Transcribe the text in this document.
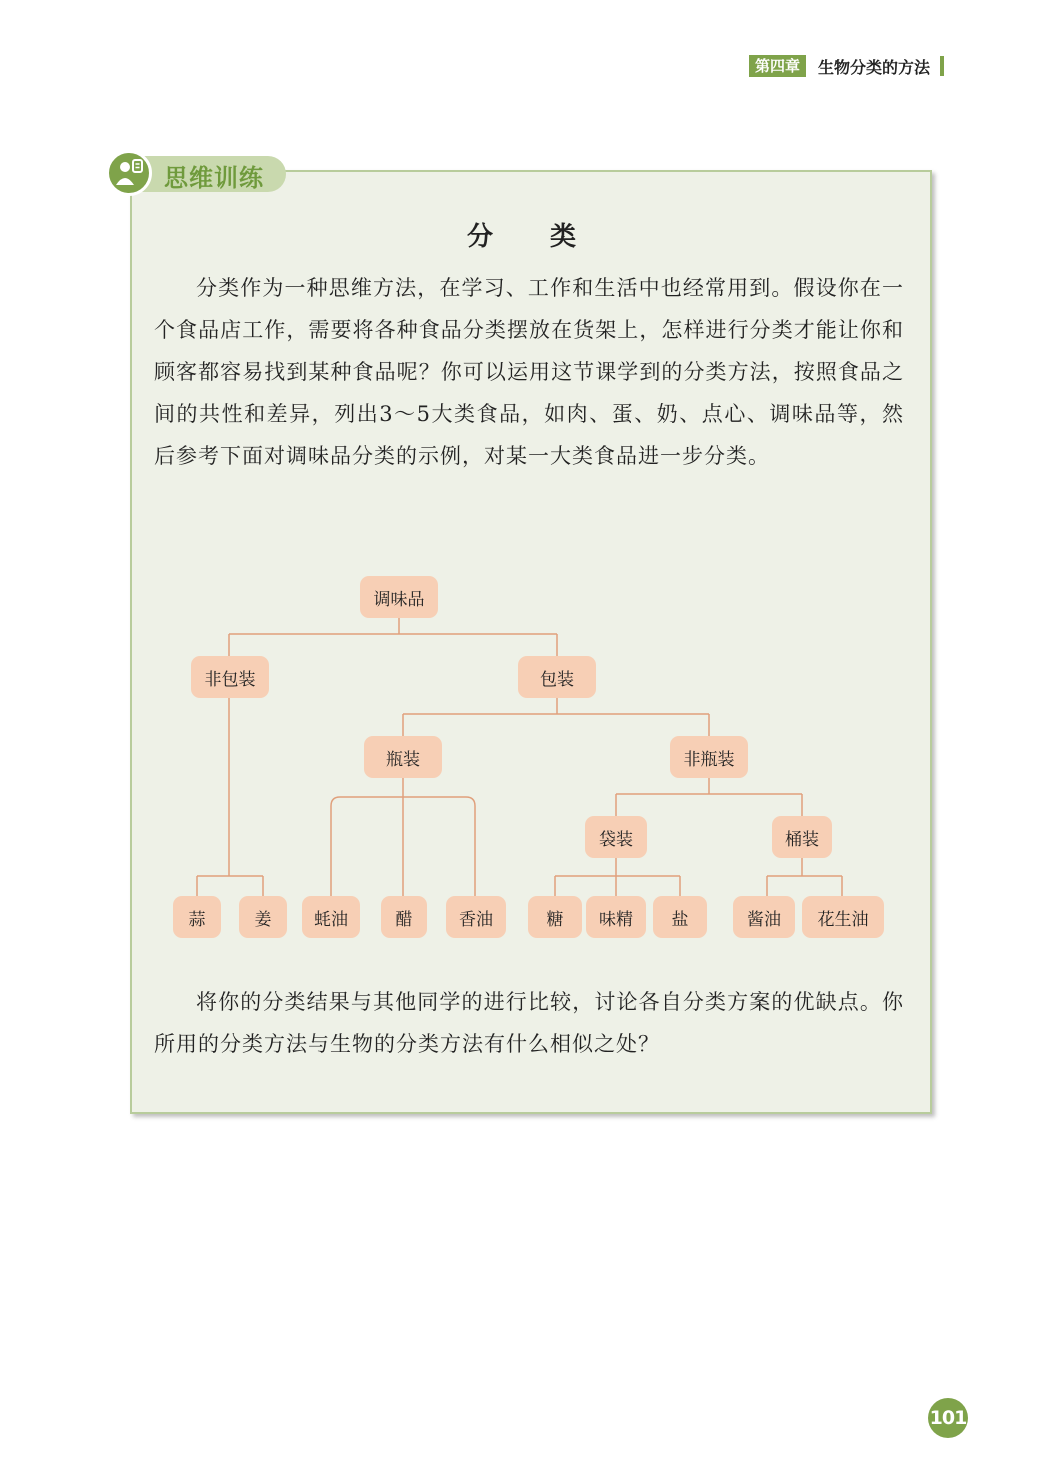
第四章	生物分类的方法
思维训练
分 类
分类作为一种思维方法，在学习、工作和生活中也经常用到。假设你在一个食品店工作，需要将各种食品分类摆放在货架上，怎样进行分类才能让你和顾客都容易找到某种食品呢？你可以运用这节课学到的分类方法，按照食品之间的共性和差异，列出3～5大类食品，如肉、蛋、奶、点心、调味品等，然后参考下面对调味品分类的示例，对某一大类食品进一步分类。
调味品
非包装	包装
瓶装	非瓶装
袋装	桶装
蒜	姜	蚝油	醋	香油	糖	味精	盐	酱油	花生油
将你的分类结果与其他同学的进行比较，讨论各自分类方案的优缺点。你所用的分类方法与生物的分类方法有什么相似之处？
101
